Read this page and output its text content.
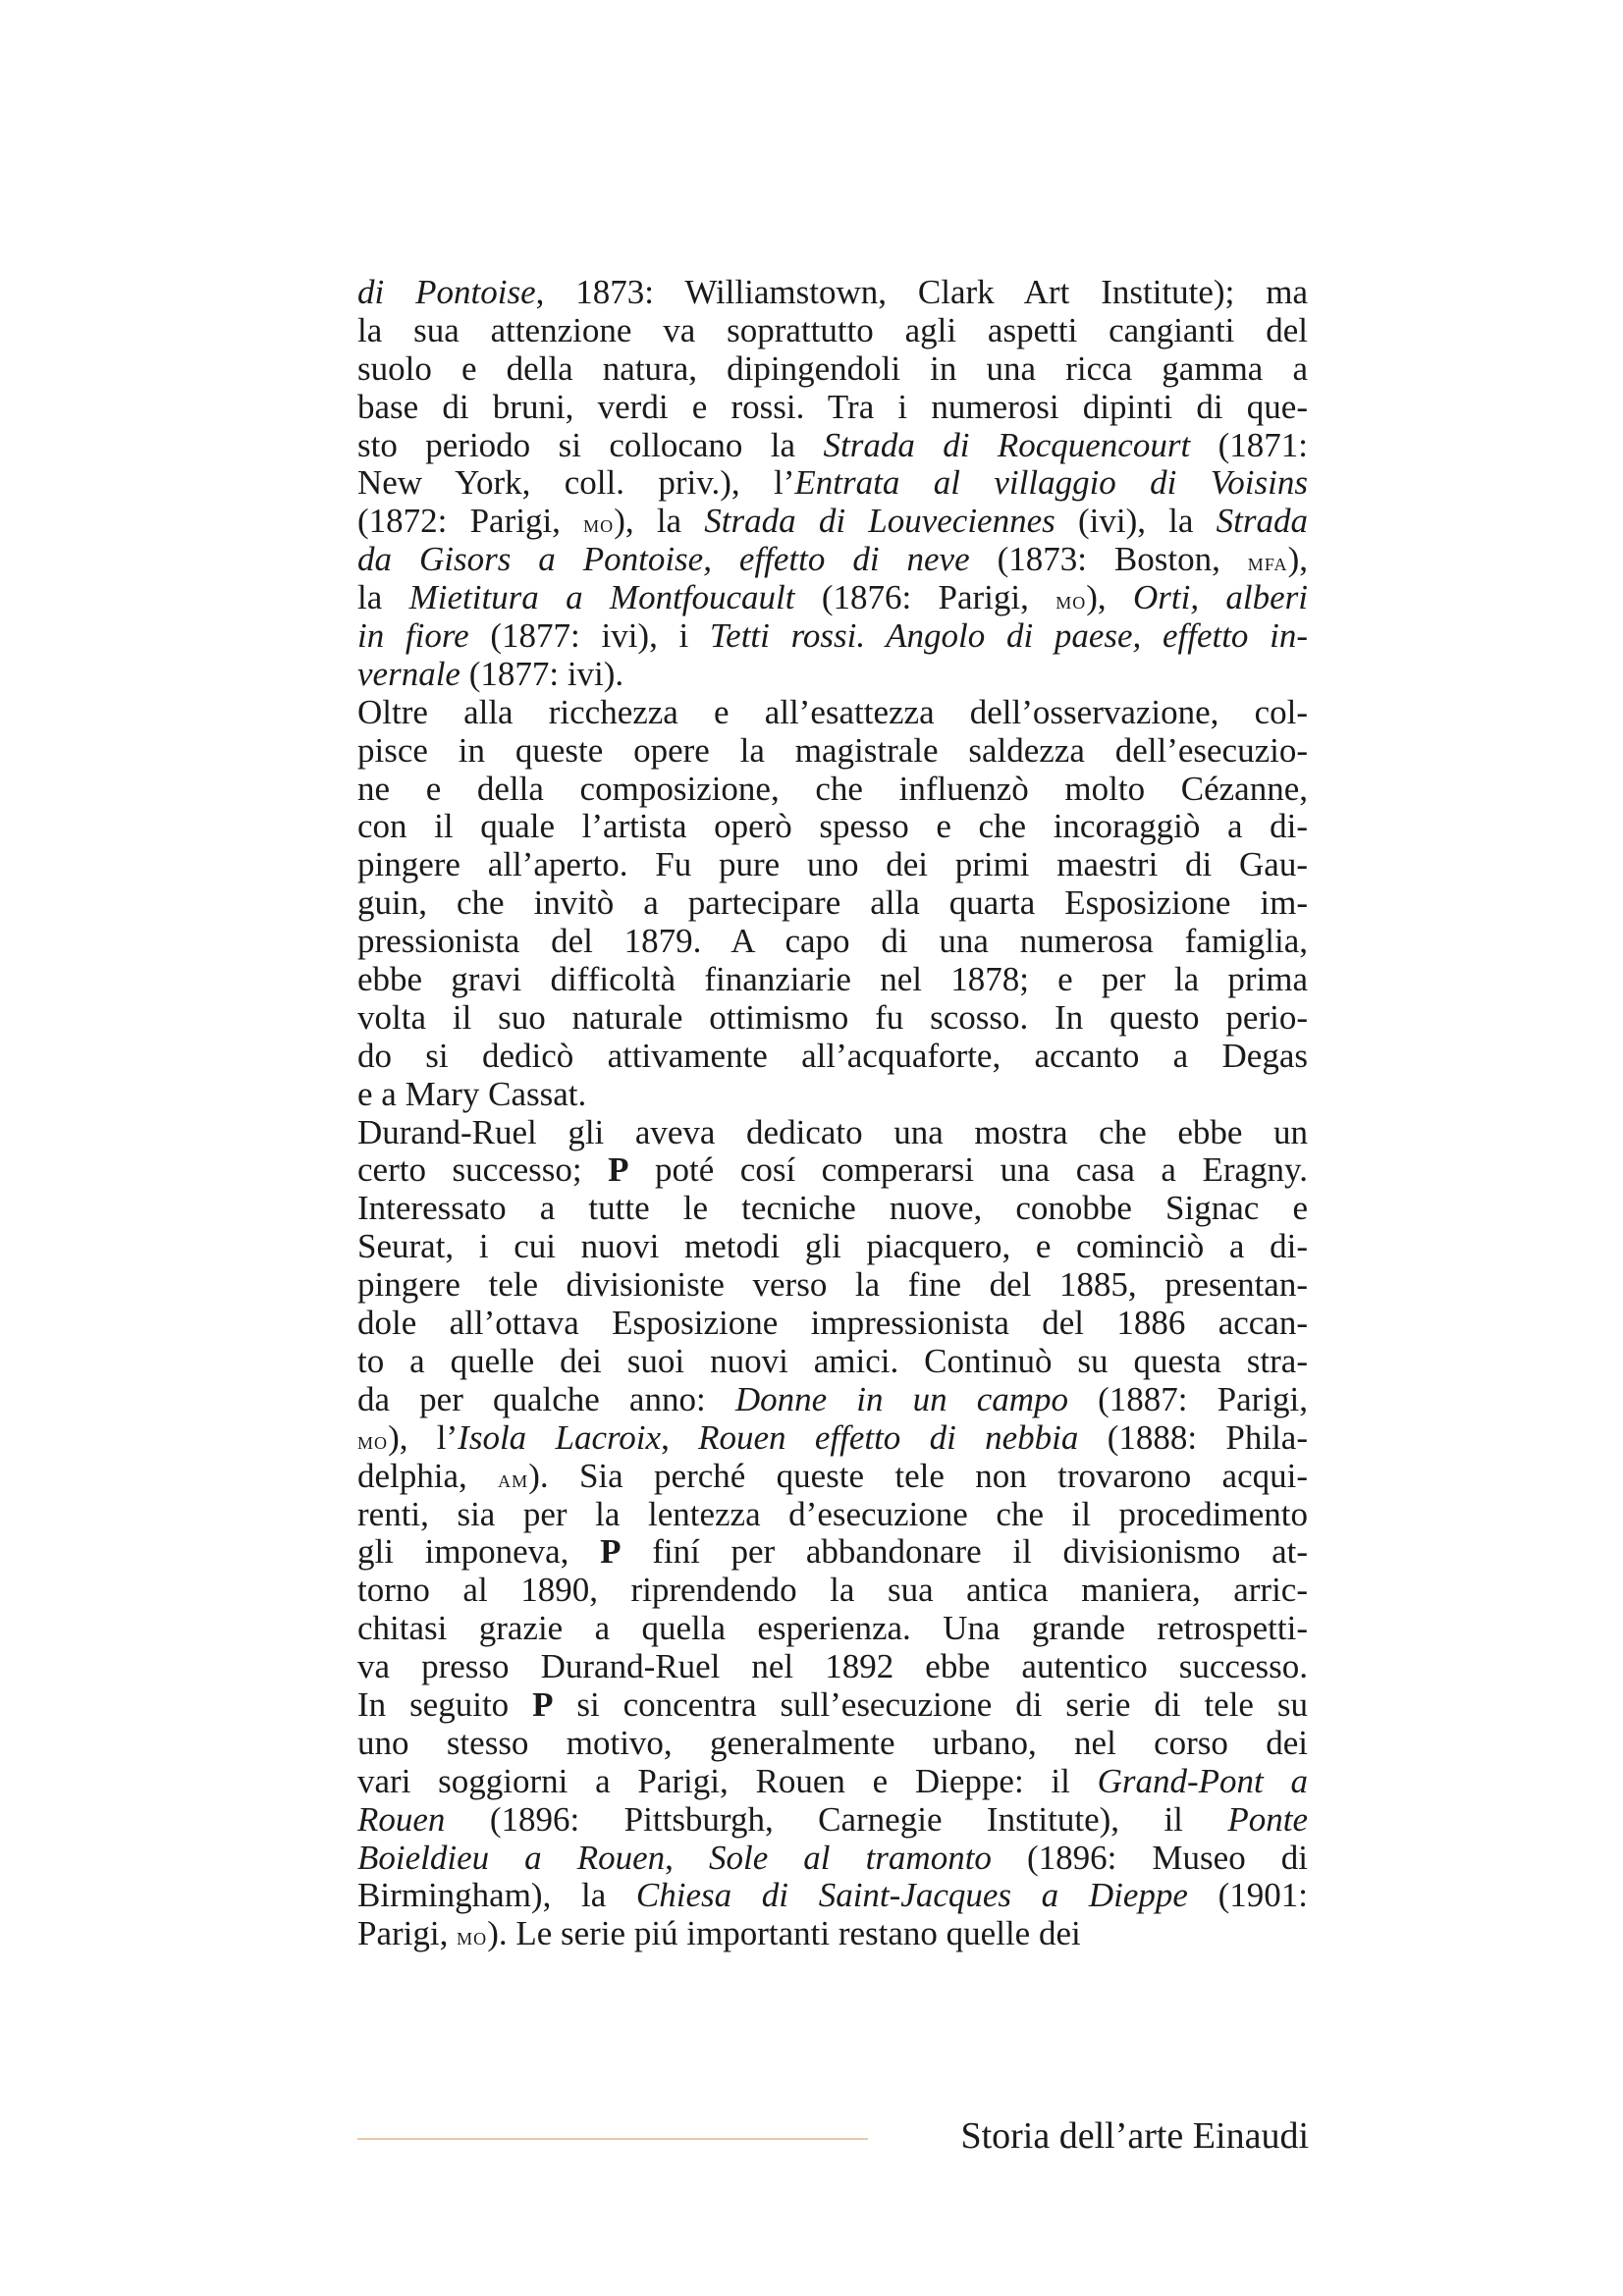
di Pontoise, 1873: Williamstown, Clark Art Institute); ma
la sua attenzione va soprattutto agli aspetti cangianti del
suolo e della natura, dipingendoli in una ricca gamma a
base di bruni, verdi e rossi. Tra i numerosi dipinti di que-
sto periodo si collocano la Strada di Rocquencourt (1871:
New York, coll. priv.), l’Entrata al villaggio di Voisins
(1872: Parigi, mo), la Strada di Louveciennes (ivi), la Strada
da Gisors a Pontoise, effetto di neve (1873: Boston, mfa),
la Mietitura a Montfoucault (1876: Parigi, mo), Orti, alberi
in fiore (1877: ivi), i Tetti rossi. Angolo di paese, effetto in-
vernale (1877: ivi).
Oltre alla ricchezza e all’esattezza dell’osservazione, col-
pisce in queste opere la magistrale saldezza dell’esecuzio-
ne e della composizione, che influenzò molto Cézanne,
con il quale l’artista operò spesso e che incoraggiò a di-
pingere all’aperto. Fu pure uno dei primi maestri di Gau-
guin, che invitò a partecipare alla quarta Esposizione im-
pressionista del 1879. A capo di una numerosa famiglia,
ebbe gravi difficoltà finanziarie nel 1878; e per la prima
volta il suo naturale ottimismo fu scosso. In questo perio-
do si dedicò attivamente all’acquaforte, accanto a Degas
e a Mary Cassat.
Durand-Ruel gli aveva dedicato una mostra che ebbe un
certo successo; P poté cosí comperarsi una casa a Eragny.
Interessato a tutte le tecniche nuove, conobbe Signac e
Seurat, i cui nuovi metodi gli piacquero, e cominciò a di-
pingere tele divisioniste verso la fine del 1885, presentan-
dole all’ottava Esposizione impressionista del 1886 accan-
to a quelle dei suoi nuovi amici. Continuò su questa stra-
da per qualche anno: Donne in un campo (1887: Parigi,
mo), l’Isola Lacroix, Rouen effetto di nebbia (1888: Phila-
delphia, am). Sia perché queste tele non trovarono acqui-
renti, sia per la lentezza d’esecuzione che il procedimento
gli imponeva, P finí per abbandonare il divisionismo at-
torno al 1890, riprendendo la sua antica maniera, arric-
chitasi grazie a quella esperienza. Una grande retrospetti-
va presso Durand-Ruel nel 1892 ebbe autentico successo.
In seguito P si concentra sull’esecuzione di serie di tele su
uno stesso motivo, generalmente urbano, nel corso dei
vari soggiorni a Parigi, Rouen e Dieppe: il Grand-Pont a
Rouen (1896: Pittsburgh, Carnegie Institute), il Ponte
Boieldieu a Rouen, Sole al tramonto (1896: Museo di
Birmingham), la Chiesa di Saint-Jacques a Dieppe (1901:
Parigi, mo). Le serie piú importanti restano quelle dei
Storia dell’arte Einaudi
